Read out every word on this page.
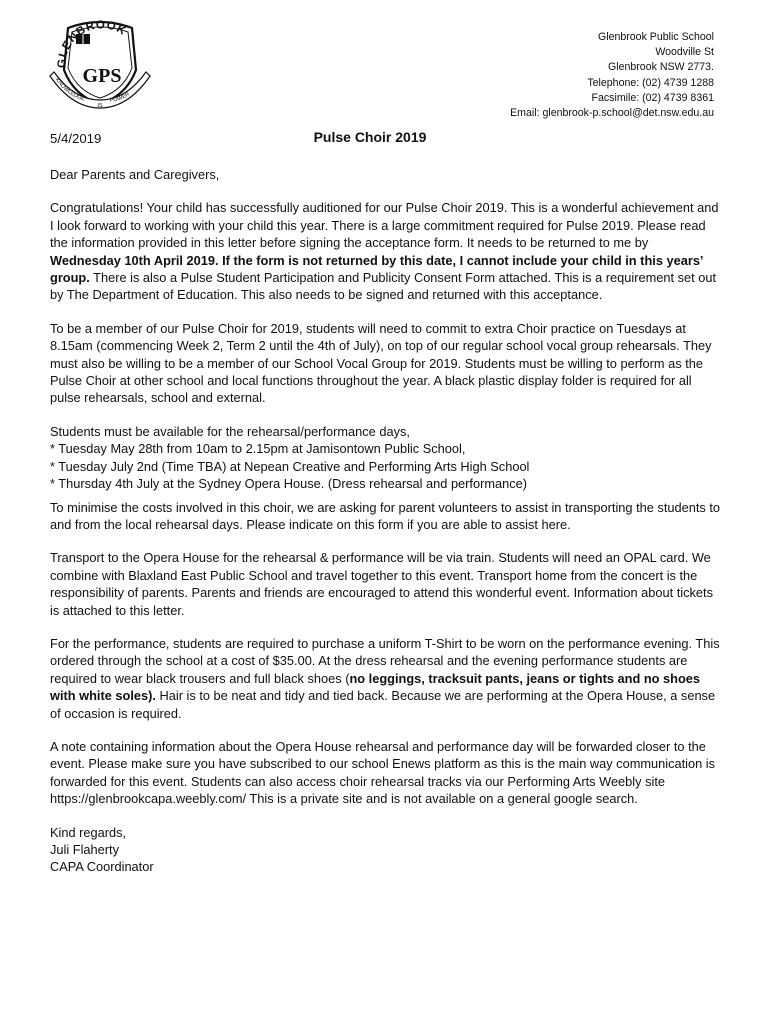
GLENBROOK
GPS
KNOWLEDGE
IS
POWER
Glenbrook Public School
Woodville St
Glenbrook NSW 2773.
Telephone: (02) 4739 1288
Facsimile: (02) 4739 8361
Email: glenbrook-p.school@det.nsw.edu.au
5/4/2019	Pulse Choir 2019

Dear Parents and Caregivers,

Congratulations! Your child has successfully auditioned for our Pulse Choir 2019. This is a wonderful achievement and I look forward to working with your child this year. There is a large commitment required for Pulse 2019. Please read the information provided in this letter before signing the acceptance form. It needs to be returned to me by Wednesday 10th April 2019. If the form is not returned by this date, I cannot include your child in this years’ group. There is also a Pulse Student Participation and Publicity Consent Form attached. This is a requirement set out by The Department of Education. This also needs to be signed and returned with this acceptance.

To be a member of our Pulse Choir for 2019, students will need to commit to extra Choir practice on Tuesdays at 8.15am (commencing Week 2, Term 2 until the 4th of July), on top of our regular school vocal group rehearsals. They must also be willing to be a member of our School Vocal Group for 2019. Students must be willing to perform as the Pulse Choir at other school and local functions throughout the year. A black plastic display folder is required for all pulse rehearsals, school and external.

Students must be available for the rehearsal/performance days,
* Tuesday May 28th from 10am to 2.15pm at Jamisontown Public School,
* Tuesday July 2nd (Time TBA) at Nepean Creative and Performing Arts High School
* Thursday 4th July at the Sydney Opera House. (Dress rehearsal and performance)

To minimise the costs involved in this choir, we are asking for parent volunteers to assist in transporting the students to and from the local rehearsal days. Please indicate on this form if you are able to assist here.

Transport to the Opera House for the rehearsal & performance will be via train. Students will need an OPAL card. We combine with Blaxland East Public School and travel together to this event. Transport home from the concert is the responsibility of parents. Parents and friends are encouraged to attend this wonderful event. Information about tickets is attached to this letter.

For the performance, students are required to purchase a uniform T-Shirt to be worn on the performance evening. This ordered through the school at a cost of $35.00. At the dress rehearsal and the evening performance students are required to wear black trousers and full black shoes (no leggings, tracksuit pants, jeans or tights and no shoes with white soles). Hair is to be neat and tidy and tied back. Because we are performing at the Opera House, a sense of occasion is required.

A note containing information about the Opera House rehearsal and performance day will be forwarded closer to the event. Please make sure you have subscribed to our school Enews platform as this is the main way communication is forwarded for this event. Students can also access choir rehearsal tracks via our Performing Arts Weebly site https://glenbrookcapa.weebly.com/ This is a private site and is not available on a general google search.

Kind regards,
Juli Flaherty
CAPA Coordinator
